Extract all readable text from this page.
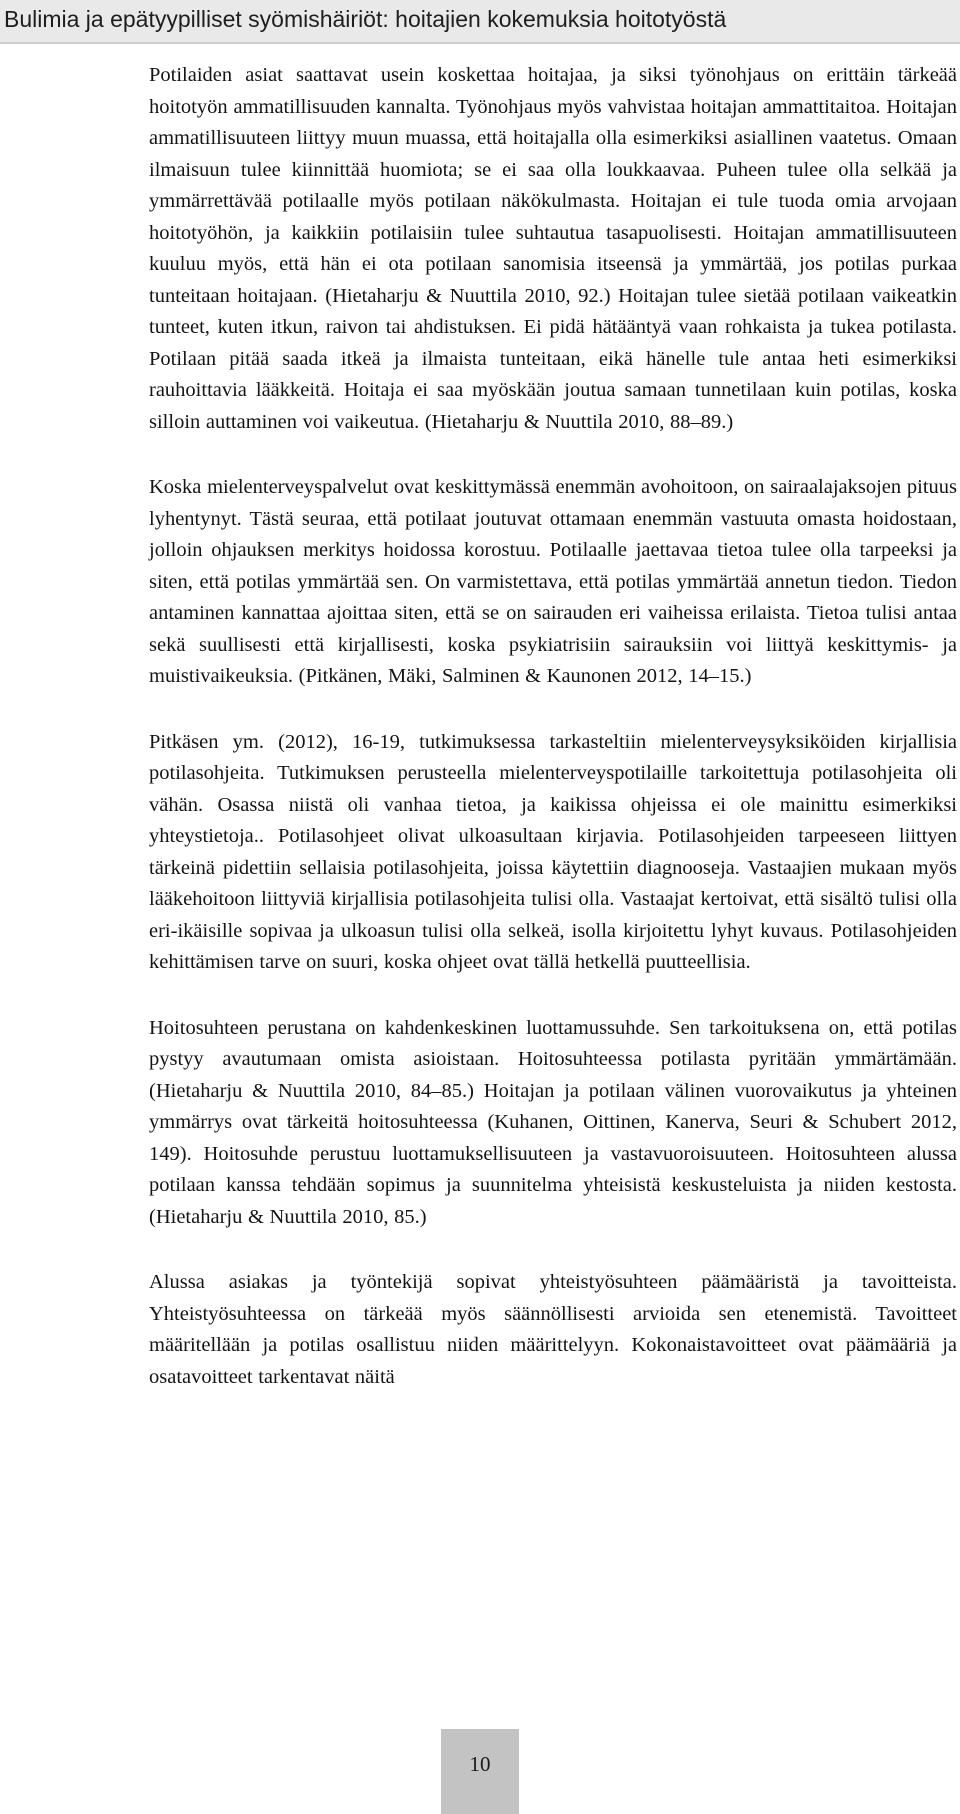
Bulimia ja epätyypilliset syömishäiriöt: hoitajien kokemuksia hoitotyöstä

Potilaiden asiat saattavat usein koskettaa hoitajaa, ja siksi työnohjaus on erittäin tärkeää hoitotyön ammatillisuuden kannalta. Työnohjaus myös vahvistaa hoitajan ammattitaitoa. Hoitajan ammatillisuuteen liittyy muun muassa, että hoitajalla olla esimerkiksi asiallinen vaatetus. Omaan ilmaisuun tulee kiinnittää huomiota; se ei saa olla loukkaavaa. Puheen tulee olla selkää ja ymmärrettävää potilaalle myös potilaan näkökulmasta. Hoitajan ei tule tuoda omia arvojaan hoitotyöhön, ja kaikkiin potilaisiin tulee suhtautua tasapuolisesti. Hoitajan ammatillisuuteen kuuluu myös, että hän ei ota potilaan sanomisia itseensä ja ymmärtää, jos potilas purkaa tunteitaan hoitajaan. (Hietaharju & Nuuttila 2010, 92.) Hoitajan tulee sietää potilaan vaikeatkin tunteet, kuten itkun, raivon tai ahdistuksen. Ei pidä hätääntyä vaan rohkaista ja tukea potilasta. Potilaan pitää saada itkeä ja ilmaista tunteitaan, eikä hänelle tule antaa heti esimerkiksi rauhoittavia lääkkeitä. Hoitaja ei saa myöskään joutua samaan tunnetilaan kuin potilas, koska silloin auttaminen voi vaikeutua. (Hietaharju & Nuuttila 2010, 88–89.)

Koska mielenterveyspalvelut ovat keskittymässä enemmän avohoitoon, on sairaalajaksojen pituus lyhentynyt. Tästä seuraa, että potilaat joutuvat ottamaan enemmän vastuuta omasta hoidostaan, jolloin ohjauksen merkitys hoidossa korostuu. Potilaalle jaettavaa tietoa tulee olla tarpeeksi ja siten, että potilas ymmärtää sen. On varmistettava, että potilas ymmärtää annetun tiedon. Tiedon antaminen kannattaa ajoittaa siten, että se on sairauden eri vaiheissa erilaista. Tietoa tulisi antaa sekä suullisesti että kirjallisesti, koska psykiatrisiin sairauksiin voi liittyä keskittymis- ja muistivaikeuksia. (Pitkänen, Mäki, Salminen & Kaunonen 2012, 14–15.)

Pitkäsen ym. (2012), 16-19, tutkimuksessa tarkasteltiin mielenterveysyksiköiden kirjallisia potilasohjeita. Tutkimuksen perusteella mielenterveyspotilaille tarkoitettuja potilasohjeita oli vähän. Osassa niistä oli vanhaa tietoa, ja kaikissa ohjeissa ei ole mainittu esimerkiksi yhteystietoja.. Potilasohjeet olivat ulkoasultaan kirjavia. Potilasohjeiden tarpeeseen liittyen tärkeinä pidettiin sellaisia potilasohjeita, joissa käytettiin diagnooseja. Vastaajien mukaan myös lääkehoitoon liittyviä kirjallisia potilasohjeita tulisi olla. Vastaajat kertoivat, että sisältö tulisi olla eri-ikäisille sopivaa ja ulkoasun tulisi olla selkeä, isolla kirjoitettu lyhyt kuvaus. Potilasohjeiden kehittämisen tarve on suuri, koska ohjeet ovat tällä hetkellä puutteellisia.

Hoitosuhteen perustana on kahdenkeskinen luottamussuhde. Sen tarkoituksena on, että potilas pystyy avautumaan omista asioistaan. Hoitosuhteessa potilasta pyritään ymmärtämään. (Hietaharju & Nuuttila 2010, 84–85.) Hoitajan ja potilaan välinen vuorovaikutus ja yhteinen ymmärrys ovat tärkeitä hoitosuhteessa (Kuhanen, Oittinen, Kanerva, Seuri & Schubert 2012, 149). Hoitosuhde perustuu luottamuksellisuuteen ja vastavuoroisuuteen. Hoitosuhteen alussa potilaan kanssa tehdään sopimus ja suunnitelma yhteisistä keskusteluista ja niiden kestosta. (Hietaharju & Nuuttila 2010, 85.)

Alussa asiakas ja työntekijä sopivat yhteistyösuhteen päämääristä ja tavoitteista. Yhteistyösuhteessa on tärkeää myös säännöllisesti arvioida sen etenemistä. Tavoitteet määritellään ja potilas osallistuu niiden määrittelyyn. Kokonaistavoitteet ovat päämääriä ja osatavoitteet tarkentavat näitä

10
